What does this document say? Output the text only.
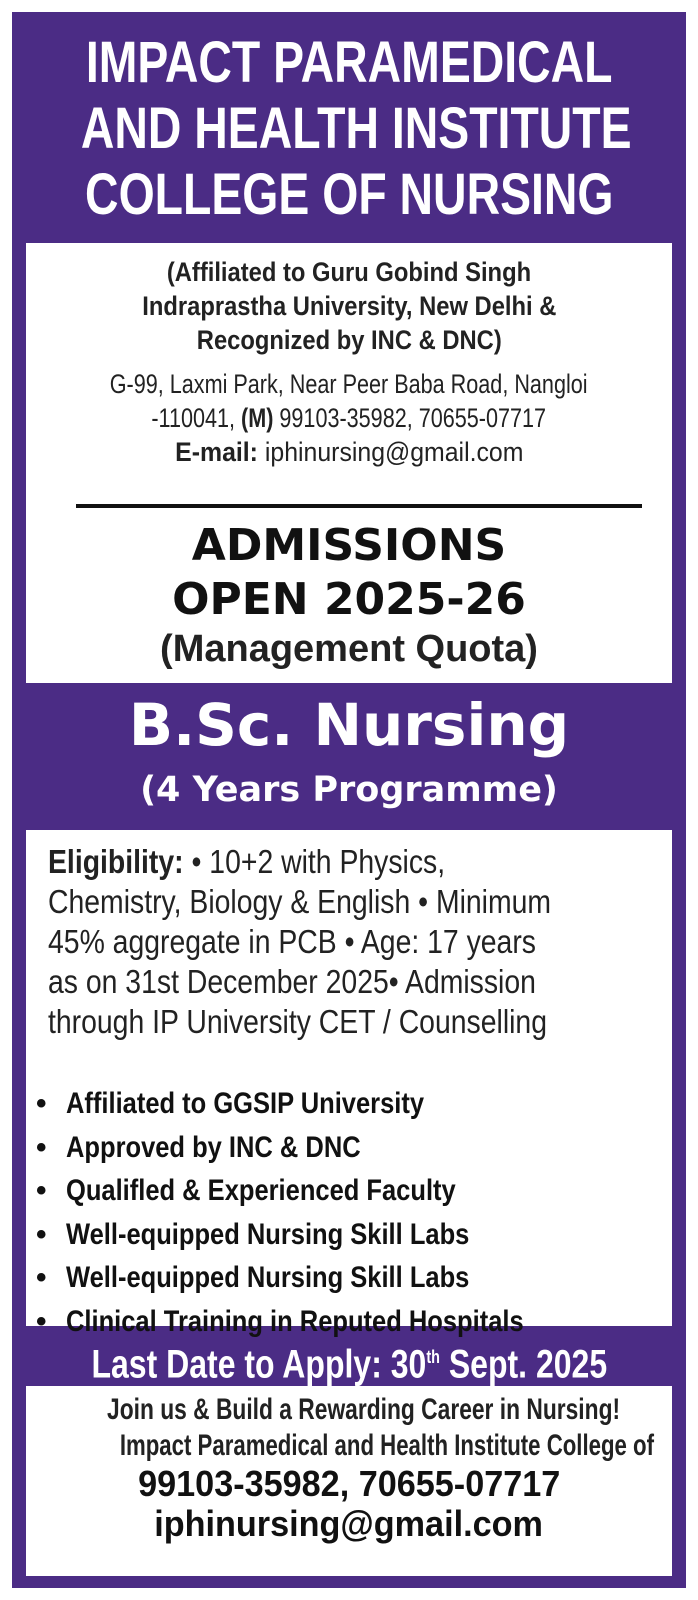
IMPACT PARAMEDICAL
AND HEALTH INSTITUTE
COLLEGE OF NURSING
(Affiliated to Guru Gobind Singh
Indraprastha University, New Delhi &
Recognized by INC & DNC)
G-99, Laxmi Park, Near Peer Baba Road, Nangloi
-110041, (M) 99103-35982, 70655-07717
E-mail: iphinursing@gmail.com
ADMISSIONS
OPEN 2025-26
(Management Quota)
B.Sc. Nursing
(4 Years Programme)
Eligibility: • 10+2 with Physics,
Chemistry, Biology & English • Minimum
45% aggregate in PCB • Age: 17 years
as on 31st December 2025• Admission
through IP University CET / Counselling
• Affiliated to GGSIP University
• Approved by INC & DNC
• Qualifled & Experienced Faculty
• Well-equipped Nursing Skill Labs
• Well-equipped Nursing Skill Labs
• Clinical Training in Reputed Hospitals
Last Date to Apply: 30th Sept. 2025
Join us & Build a Rewarding Career in Nursing!
Impact Paramedical and Health Institute College of
99103-35982, 70655-07717
iphinursing@gmail.com
